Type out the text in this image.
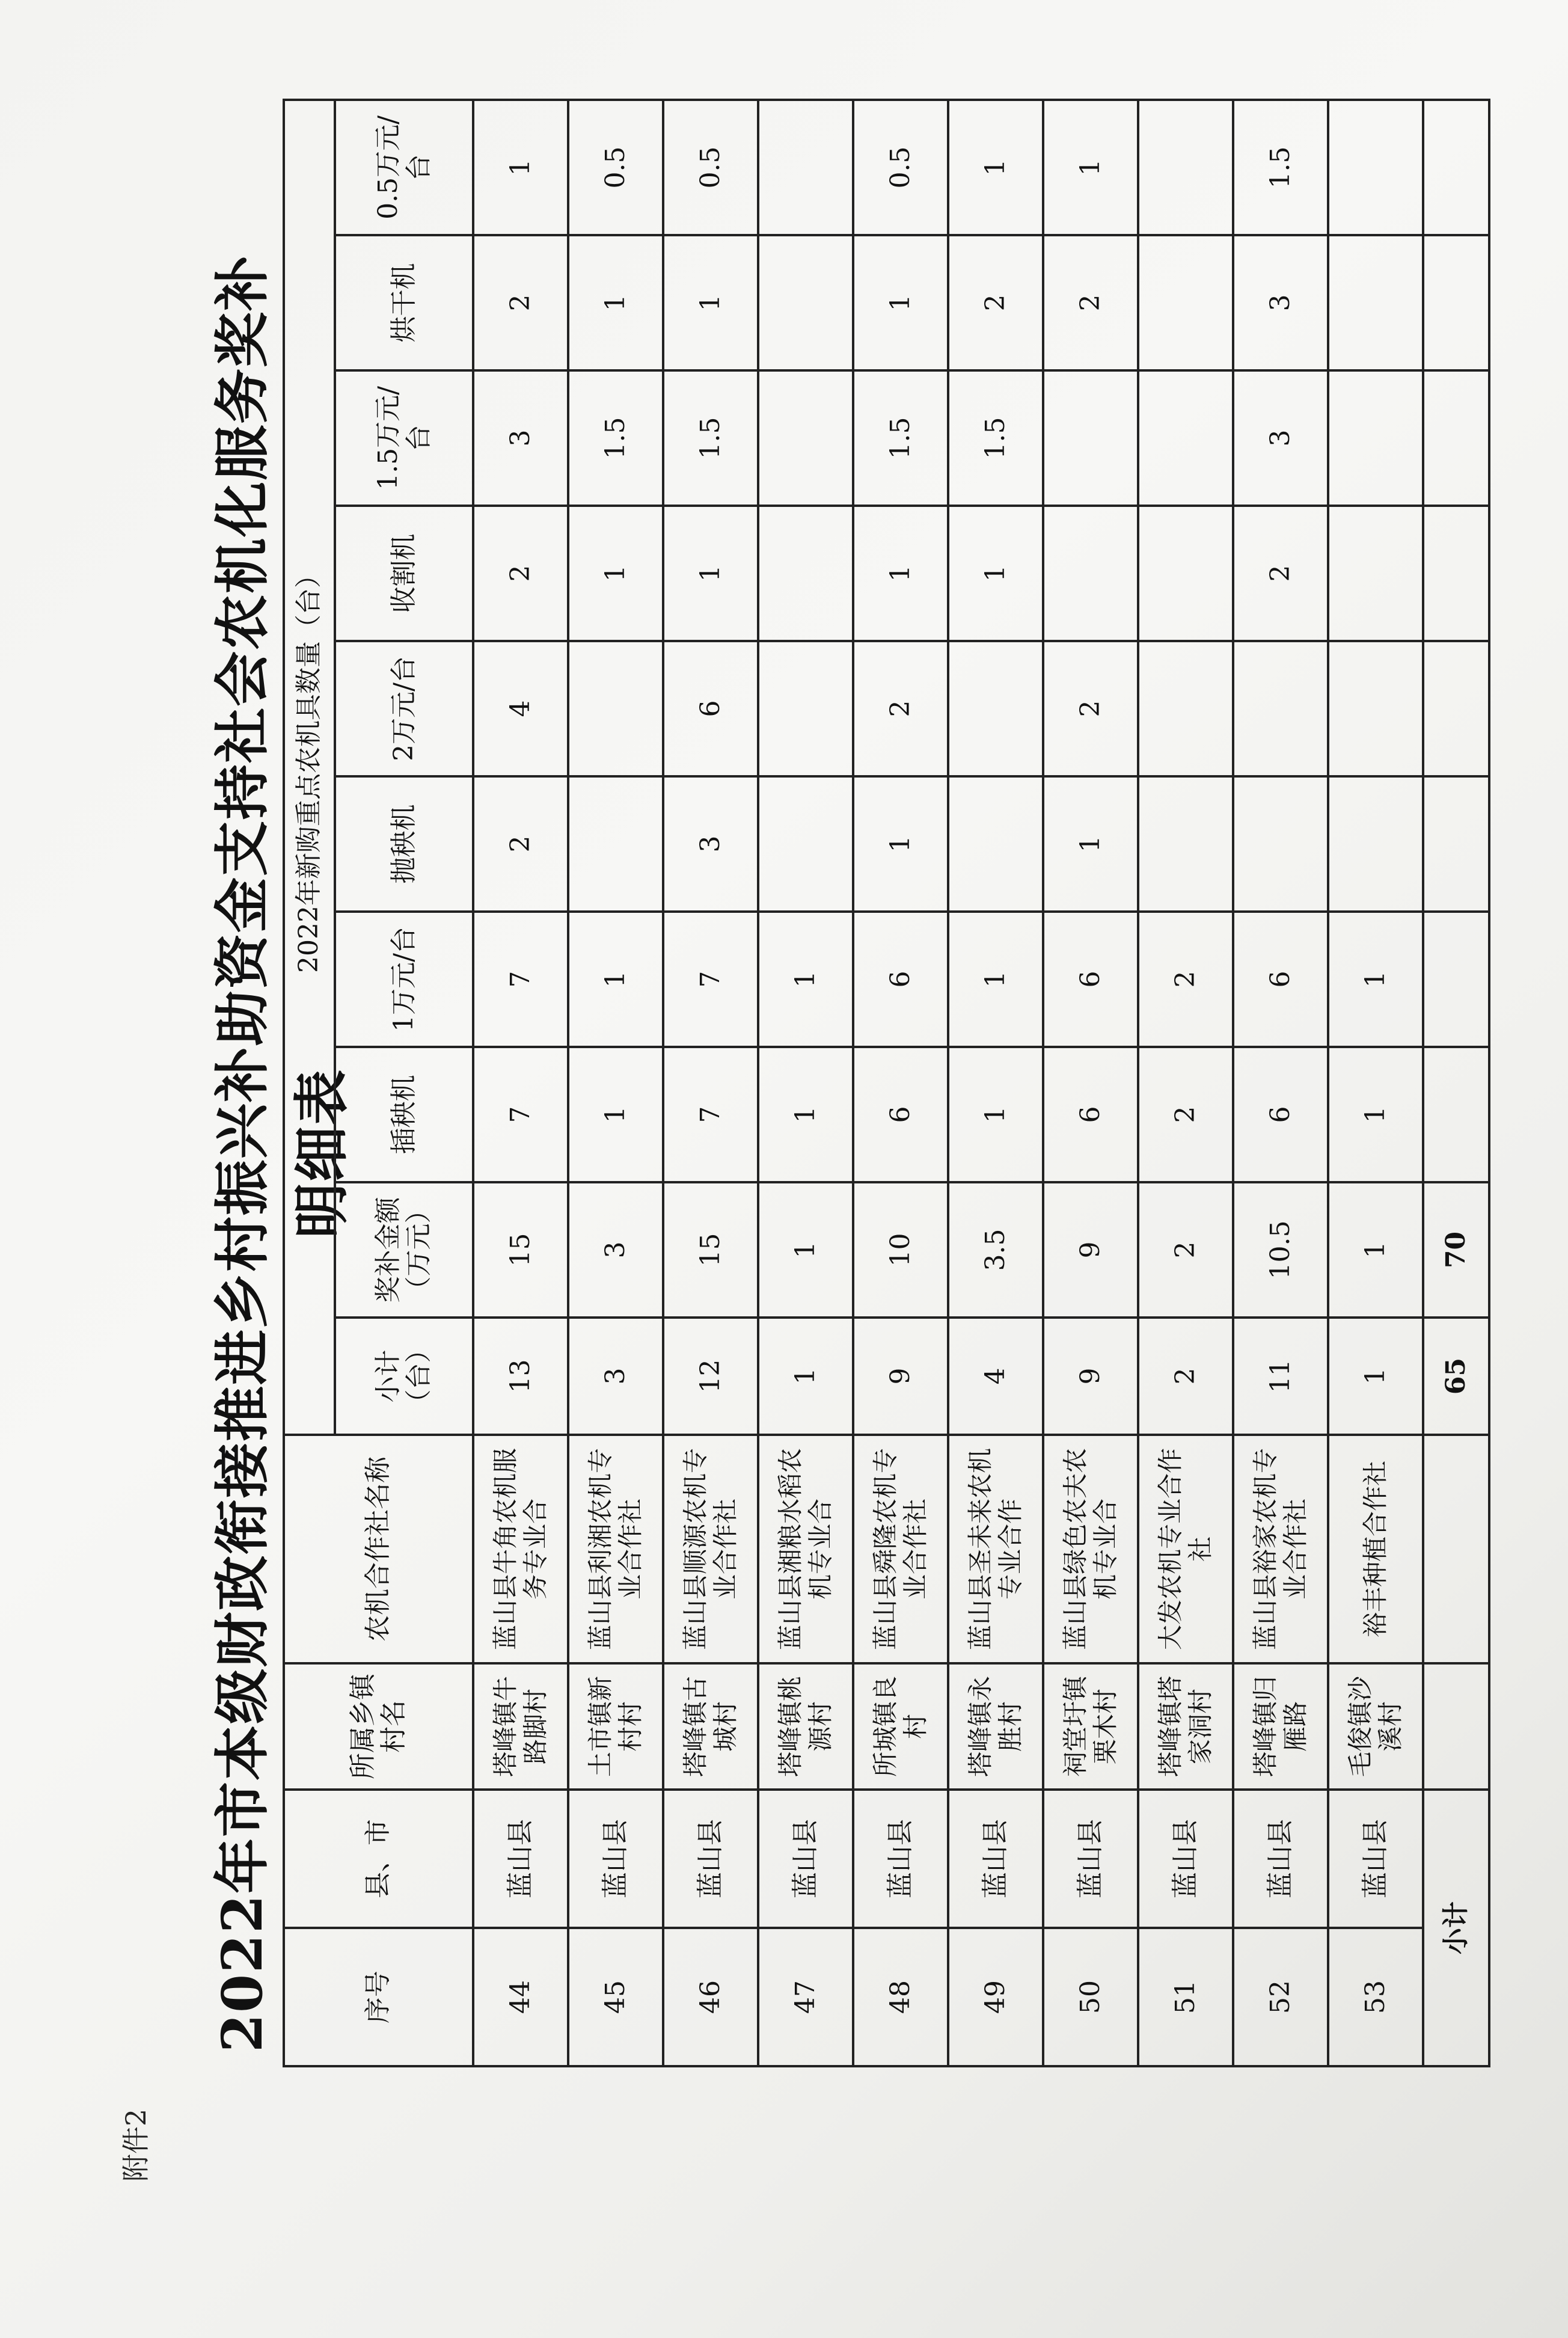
附件2
2022年市本级财政衔接推进乡村振兴补助资金支持社会农机化服务奖补明细表
序号	县、市	所属乡镇村名	农机合作社名称	2022年新购重点农机具数量（台）									
				小计（台）	奖补金额（万元）	插秧机	1万元/台	抛秧机	2万元/台	收割机	1.5万元/台	烘干机	0.5万元/台
44	蓝山县	塔峰镇牛路脚村	蓝山县牛角农机服务专业合	13	15	7	7	2	4	2	3	2	1
45	蓝山县	土市镇新村村	蓝山县利湘农机专业合作社	3	3	1	1			1	1.5	1	0.5
46	蓝山县	塔峰镇古城村	蓝山县顺源农机专业合作社	12	15	7	7	3	6	1	1.5	1	0.5
47	蓝山县	塔峰镇桃源村	蓝山县湘粮水稻农机专业合	1	1	1	1						
48	蓝山县	所城镇良村	蓝山县舜隆农机专业合作社	9	10	6	6	1	2	1	1.5	1	0.5
49	蓝山县	塔峰镇永胜村	蓝山县圣未来农机专业合作	4	3.5	1	1			1	1.5	2	1
50	蓝山县	祠堂圩镇栗木村	蓝山县绿色农夫农机专业合	9	9	6	6	1	2			2	1
51	蓝山县	塔峰镇塔家洞村	大发农机专业合作社	2	2	2	2						
52	蓝山县	塔峰镇归雁路	蓝山县裕家农机专业合作社	11	10.5	6	6			2	3	3	1.5
53	蓝山县	毛俊镇沙溪村	裕丰种植合作社	1	1	1	1						
小计				65	70								
